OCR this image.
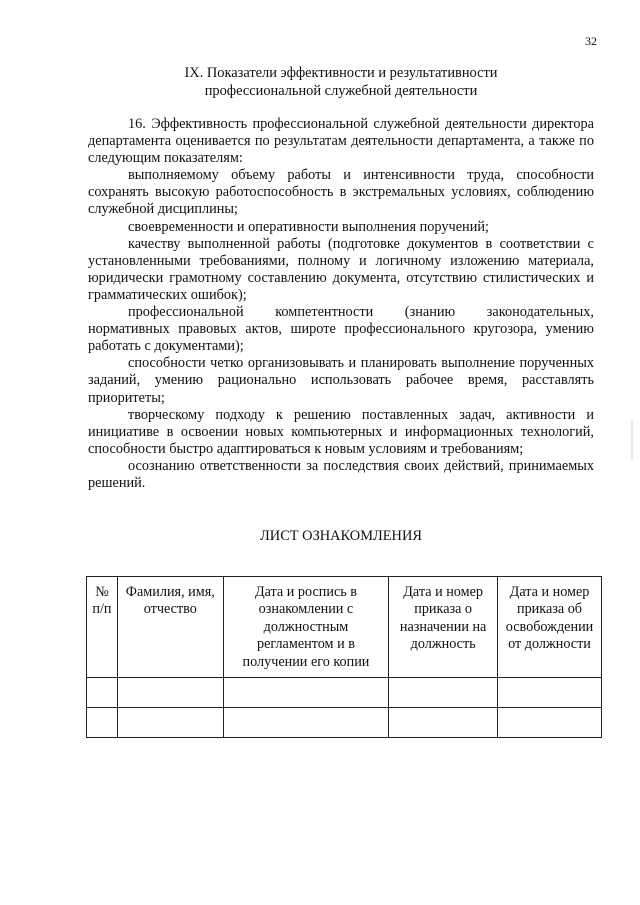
32
IX. Показатели эффективности и результативности
профессиональной служебной деятельности

16. Эффективность профессиональной служебной деятельности директора департамента оценивается по результатам деятельности департамента, а также по следующим показателям:

выполняемому объему работы и интенсивности труда, способности сохранять высокую работоспособность в экстремальных условиях, соблюдению служебной дисциплины;

своевременности и оперативности выполнения поручений;

качеству выполненной работы (подготовке документов в соответствии с установленными требованиями, полному и логичному изложению материала, юридически грамотному составлению документа, отсутствию стилистических и грамматических ошибок);

профессиональной компетентности (знанию законодательных, нормативных правовых актов, широте профессионального кругозора, умению работать с документами);

способности четко организовывать и планировать выполнение порученных заданий, умению рационально использовать рабочее время, расставлять приоритеты;

творческому подходу к решению поставленных задач, активности и инициативе в освоении новых компьютерных и информационных технологий, способности быстро адаптироваться к новым условиям и требованиям;

осознанию ответственности за последствия своих действий, принимаемых решений.

ЛИСТ ОЗНАКОМЛЕНИЯ
№ п/п	Фамилия, имя, отчество	Дата и роспись в ознакомлении с должностным регламентом и в получении его копии	Дата и номер приказа о назначении на должность	Дата и номер приказа об освобождении от должности
